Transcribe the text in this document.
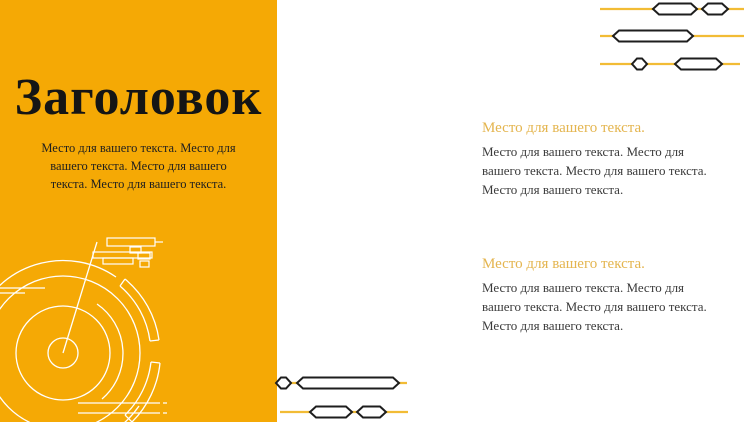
Заголовок

Место для вашего текста. Место для вашего текста. Место для вашего текста. Место для вашего текста.

Место для вашего текста.

Место для вашего текста. Место для вашего текста. Место для вашего текста. Место для вашего текста.

Место для вашего текста.

Место для вашего текста. Место для вашего текста. Место для вашего текста. Место для вашего текста.
